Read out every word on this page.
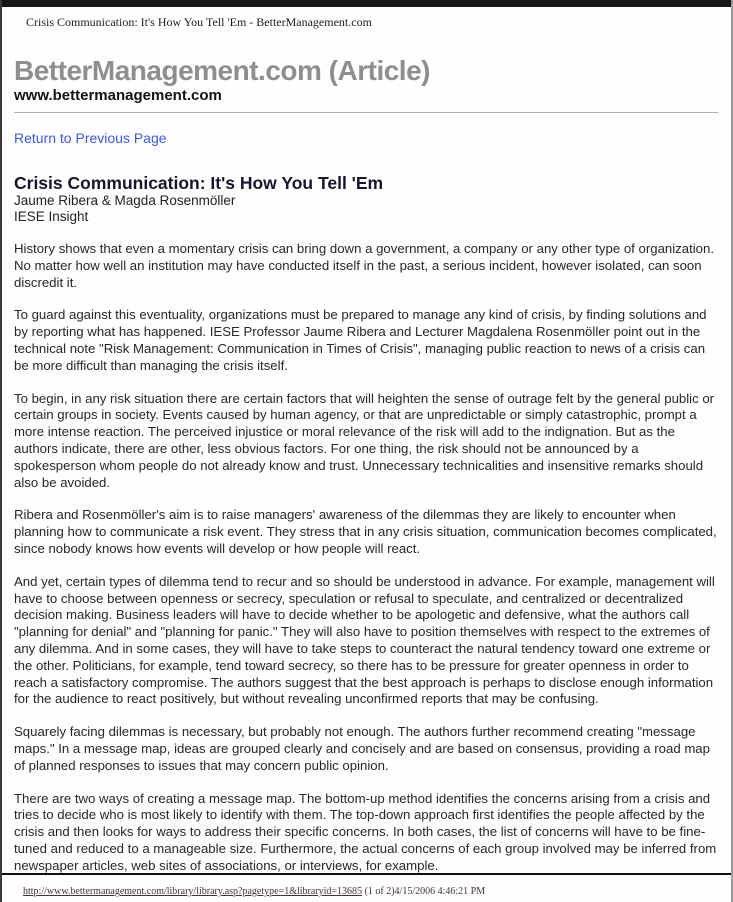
Crisis Communication: It's How You Tell 'Em - BetterManagement.com
BetterManagement.com (Article)
www.bettermanagement.com
Return to Previous Page
Crisis Communication: It's How You Tell 'Em

Jaume Ribera & Magda Rosenmöller

IESE Insight

History shows that even a momentary crisis can bring down a government, a company or any other type of organization. No matter how well an institution may have conducted itself in the past, a serious incident, however isolated, can soon discredit it.

To guard against this eventuality, organizations must be prepared to manage any kind of crisis, by finding solutions and by reporting what has happened. IESE Professor Jaume Ribera and Lecturer Magdalena Rosenmöller point out in the technical note "Risk Management: Communication in Times of Crisis", managing public reaction to news of a crisis can be more difficult than managing the crisis itself.

To begin, in any risk situation there are certain factors that will heighten the sense of outrage felt by the general public or certain groups in society. Events caused by human agency, or that are unpredictable or simply catastrophic, prompt a more intense reaction. The perceived injustice or moral relevance of the risk will add to the indignation. But as the authors indicate, there are other, less obvious factors. For one thing, the risk should not be announced by a spokesperson whom people do not already know and trust. Unnecessary technicalities and insensitive remarks should also be avoided.

Ribera and Rosenmöller's aim is to raise managers' awareness of the dilemmas they are likely to encounter when planning how to communicate a risk event. They stress that in any crisis situation, communication becomes complicated, since nobody knows how events will develop or how people will react.

And yet, certain types of dilemma tend to recur and so should be understood in advance. For example, management will have to choose between openness or secrecy, speculation or refusal to speculate, and centralized or decentralized decision making. Business leaders will have to decide whether to be apologetic and defensive, what the authors call "planning for denial" and "planning for panic." They will also have to position themselves with respect to the extremes of any dilemma. And in some cases, they will have to take steps to counteract the natural tendency toward one extreme or the other. Politicians, for example, tend toward secrecy, so there has to be pressure for greater openness in order to reach a satisfactory compromise. The authors suggest that the best approach is perhaps to disclose enough information for the audience to react positively, but without revealing unconfirmed reports that may be confusing.

Squarely facing dilemmas is necessary, but probably not enough. The authors further recommend creating "message maps." In a message map, ideas are grouped clearly and concisely and are based on consensus, providing a road map of planned responses to issues that may concern public opinion.

There are two ways of creating a message map. The bottom-up method identifies the concerns arising from a crisis and tries to decide who is most likely to identify with them. The top-down approach first identifies the people affected by the crisis and then looks for ways to address their specific concerns. In both cases, the list of concerns will have to be fine-tuned and reduced to a manageable size. Furthermore, the actual concerns of each group involved may be inferred from newspaper articles, web sites of associations, or interviews, for example.

http://www.bettermanagement.com/library/library.asp?pagetype=1&libraryid=13685 (1 of 2)4/15/2006 4:46:21 PM
